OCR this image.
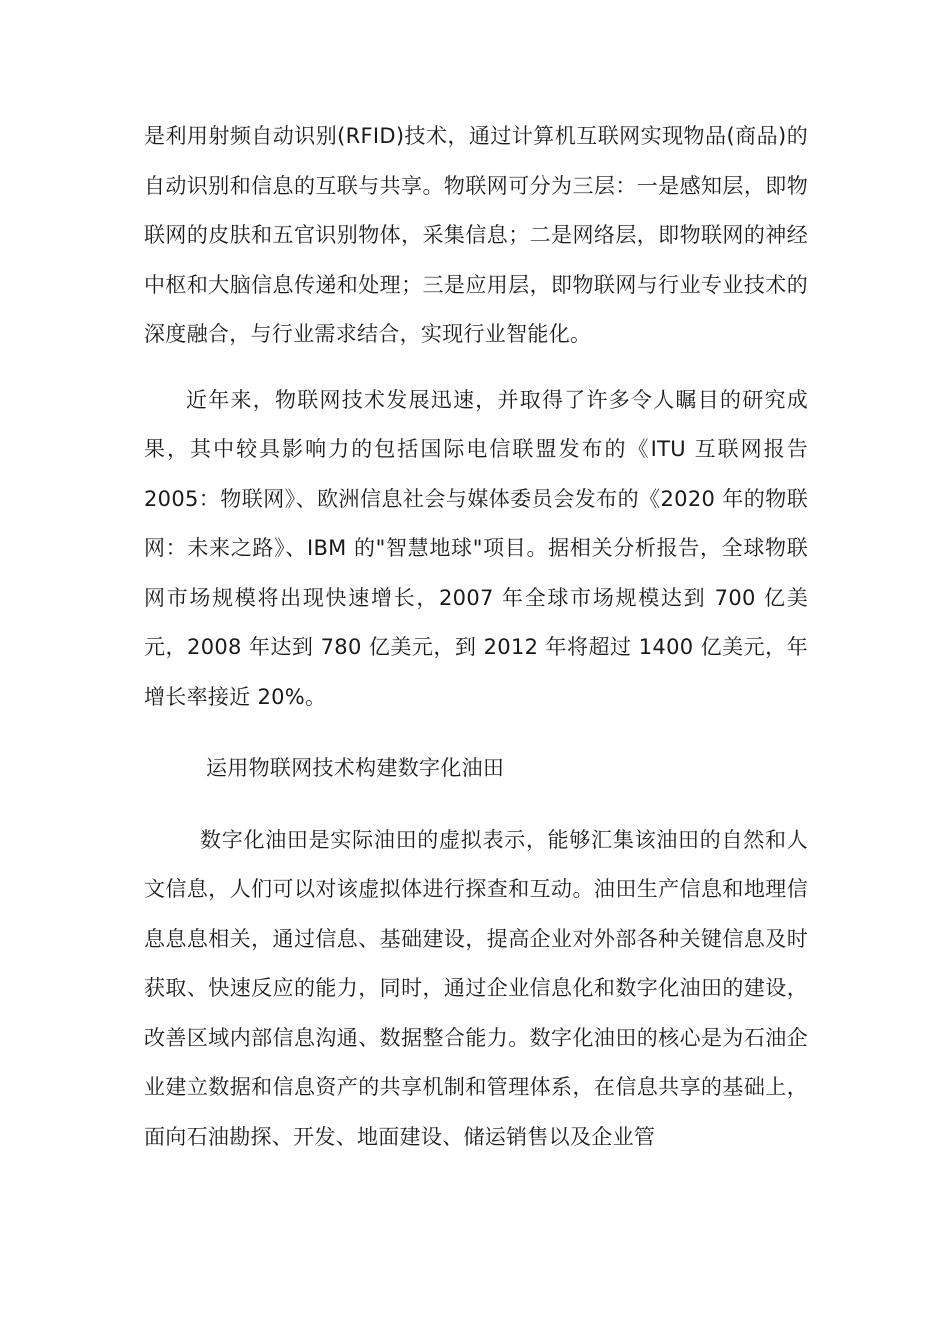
是利用射频自动识别(RFID)技术，通过计算机互联网实现物品(商品)的自动识别和信息的互联与共享。物联网可分为三层：一是感知层，即物联网的皮肤和五官识别物体，采集信息；二是网络层，即物联网的神经中枢和大脑信息传递和处理；三是应用层，即物联网与行业专业技术的深度融合，与行业需求结合，实现行业智能化。

近年来，物联网技术发展迅速，并取得了许多令人瞩目的研究成果，其中较具影响力的包括国际电信联盟发布的《ITU 互联网报告 2005：物联网》、欧洲信息社会与媒体委员会发布的《2020 年的物联网：未来之路》、IBM 的"智慧地球"项目。据相关分析报告，全球物联网市场规模将出现快速增长，2007 年全球市场规模达到 700 亿美元，2008 年达到 780 亿美元，到 2012 年将超过 1400 亿美元，年增长率接近 20%。

运用物联网技术构建数字化油田

数字化油田是实际油田的虚拟表示，能够汇集该油田的自然和人文信息，人们可以对该虚拟体进行探查和互动。油田生产信息和地理信息息息相关，通过信息、基础建设，提高企业对外部各种关键信息及时获取、快速反应的能力，同时，通过企业信息化和数字化油田的建设，改善区域内部信息沟通、数据整合能力。数字化油田的核心是为石油企业建立数据和信息资产的共享机制和管理体系，在信息共享的基础上，面向石油勘探、开发、地面建设、储运销售以及企业管
